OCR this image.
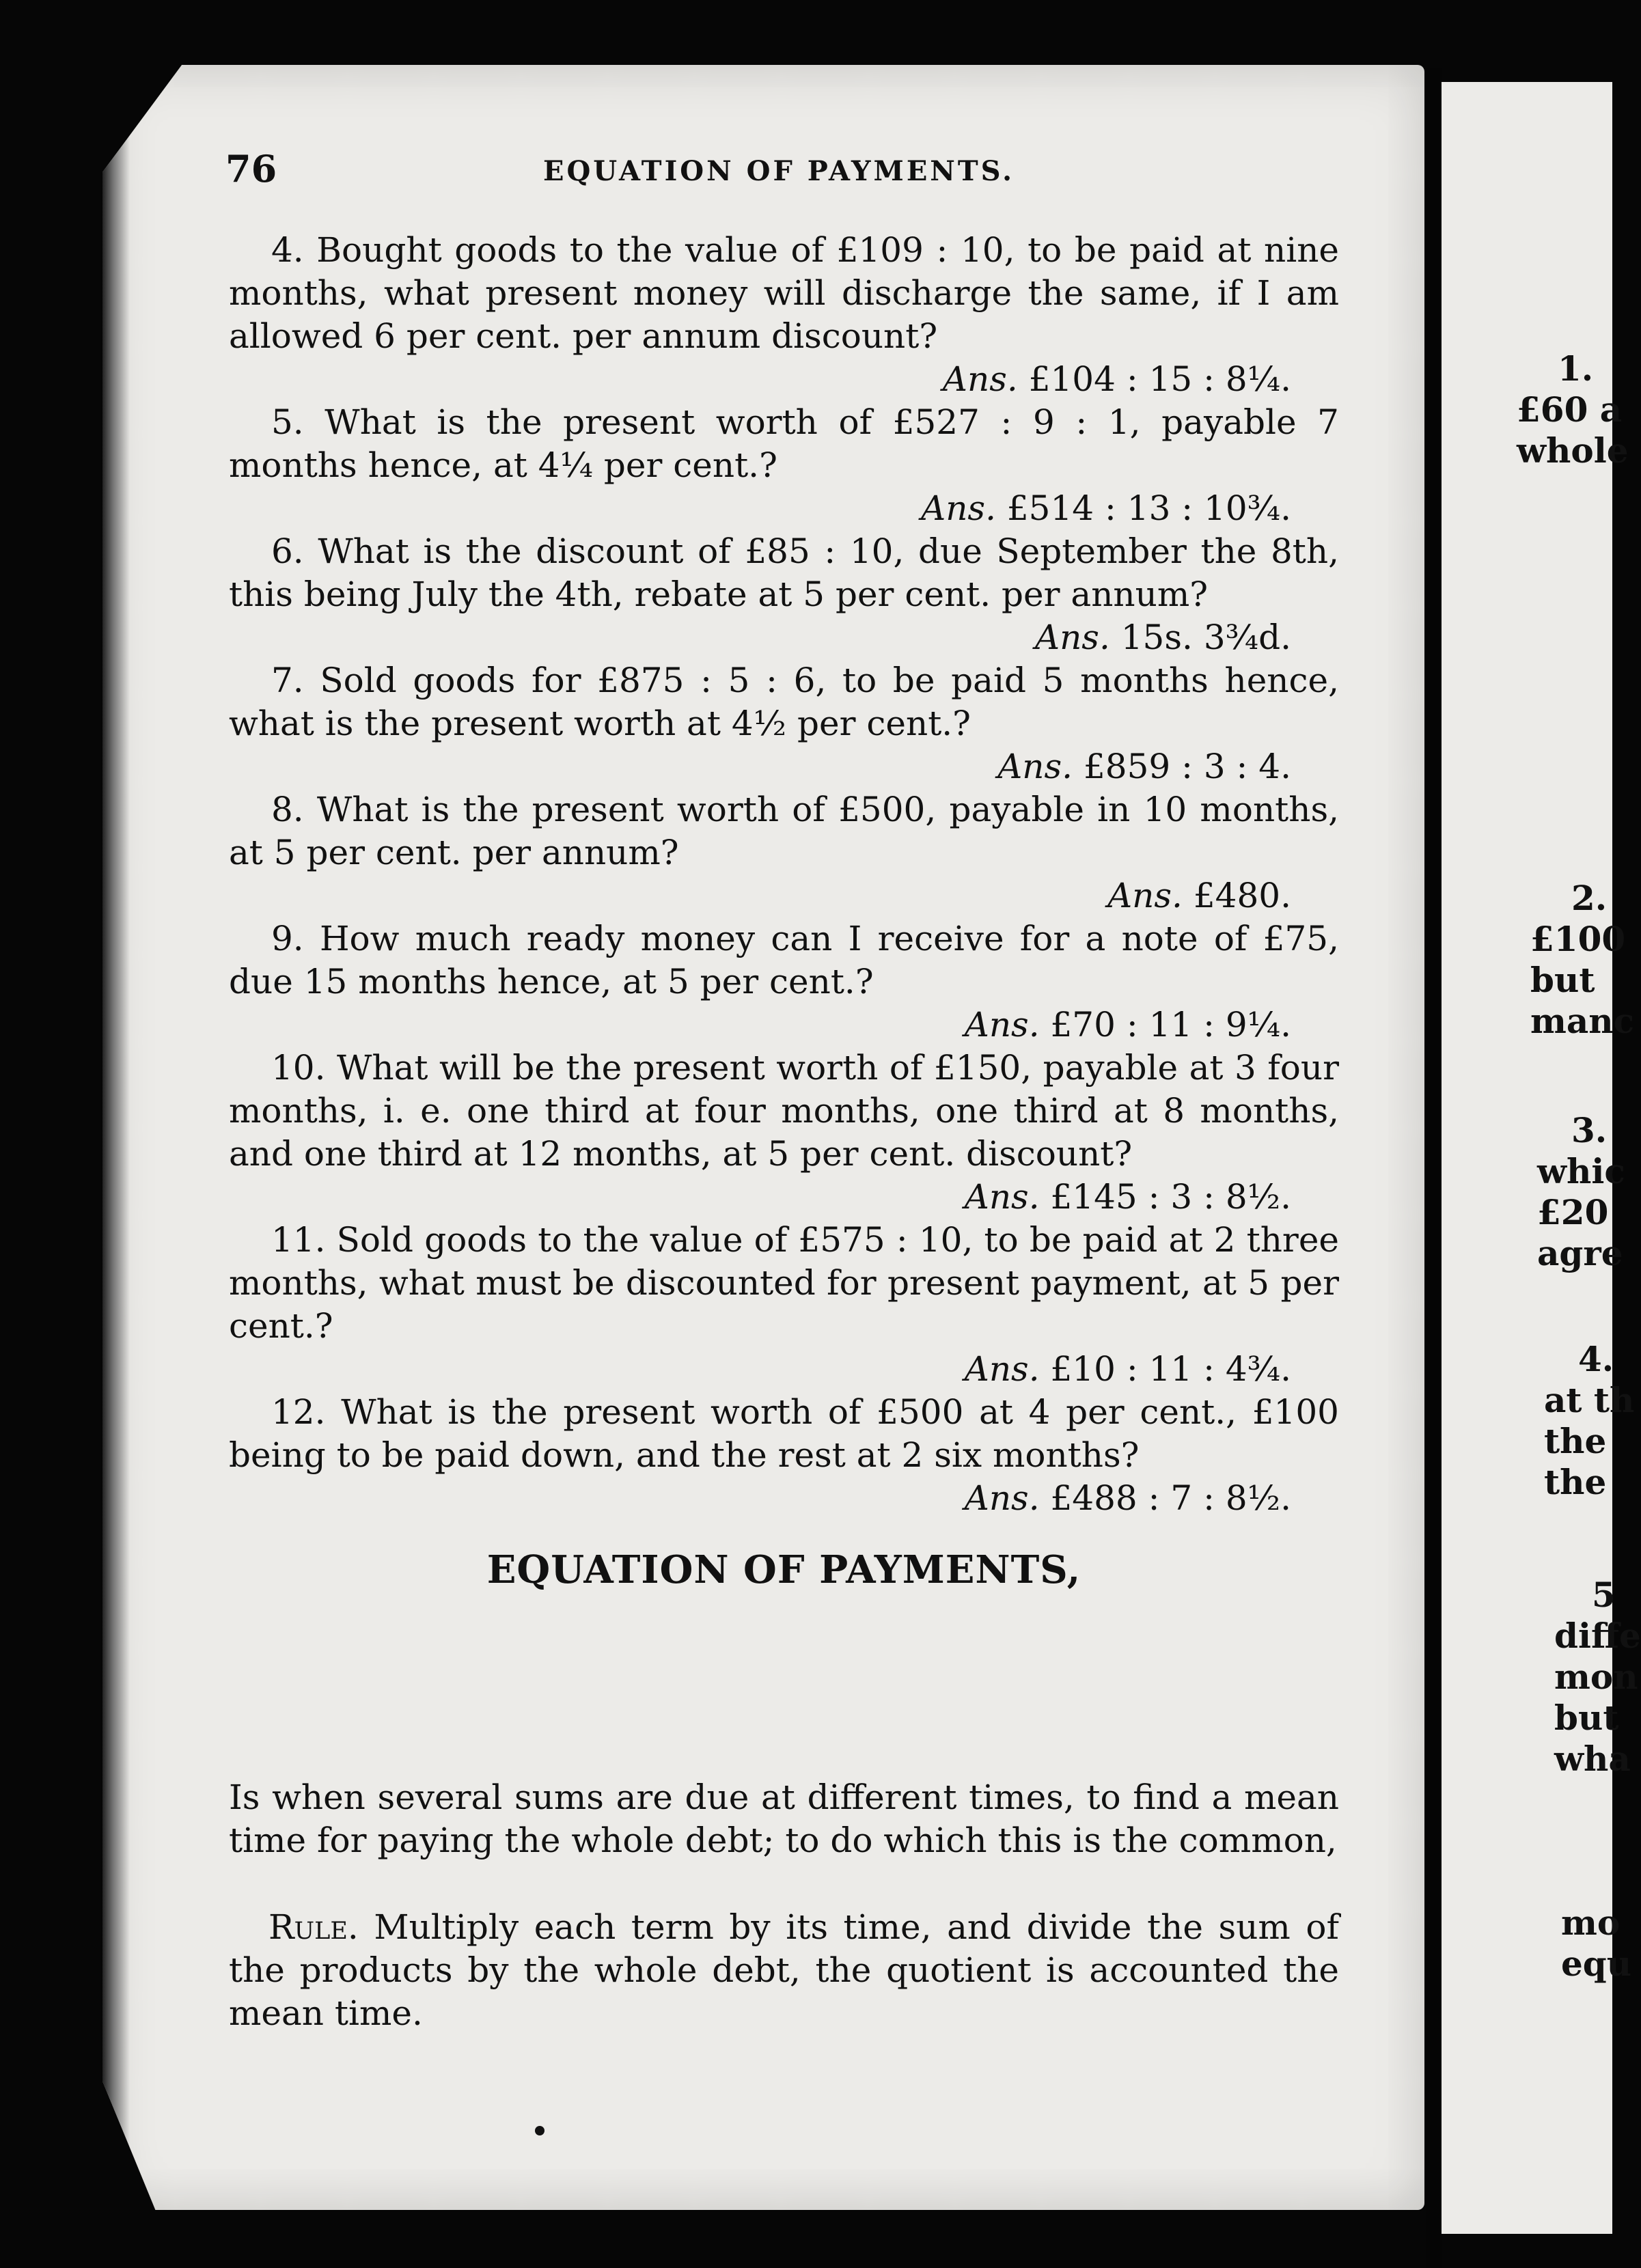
76	EQUATION OF PAYMENTS.

4. Bought goods to the value of £109 : 10, to be paid at nine months, what present money will discharge the same, if I am allowed 6 per cent. per annum discount?

Ans. £104 : 15 : 8¼.

5. What is the present worth of £527 : 9 : 1, payable 7 months hence, at 4¼ per cent.?

Ans. £514 : 13 : 10¾.

6. What is the discount of £85 : 10, due September the 8th, this being July the 4th, rebate at 5 per cent. per annum?

Ans. 15s. 3¾d.

7. Sold goods for £875 : 5 : 6, to be paid 5 months hence, what is the present worth at 4½ per cent.?

Ans. £859 : 3 : 4.

8. What is the present worth of £500, payable in 10 months, at 5 per cent. per annum?

Ans. £480.

9. How much ready money can I receive for a note of £75, due 15 months hence, at 5 per cent.?

Ans. £70 : 11 : 9¼.

10. What will be the present worth of £150, payable at 3 four months, i. e. one third at four months, one third at 8 months, and one third at 12 months, at 5 per cent. discount?

Ans. £145 : 3 : 8½.

11. Sold goods to the value of £575 : 10, to be paid at 2 three months, what must be discounted for present payment, at 5 per cent.?

Ans. £10 : 11 : 4¾.

12. What is the present worth of £500 at 4 per cent., £100 being to be paid down, and the rest at 2 six months?

Ans. £488 : 7 : 8½.

EQUATION OF PAYMENTS,
Is when several sums are due at different times, to find a mean time for paying the whole debt; to do which this is the common,
Rule. Multiply each term by its time, and divide the sum of the products by the whole debt, the quotient is accounted the mean time.
1.
£60 a
whole
2.
£100
but
manc
3.
whic
£20
agre
4.
at th
the
the
5
diffe
mon
but
wha
mo
equ
